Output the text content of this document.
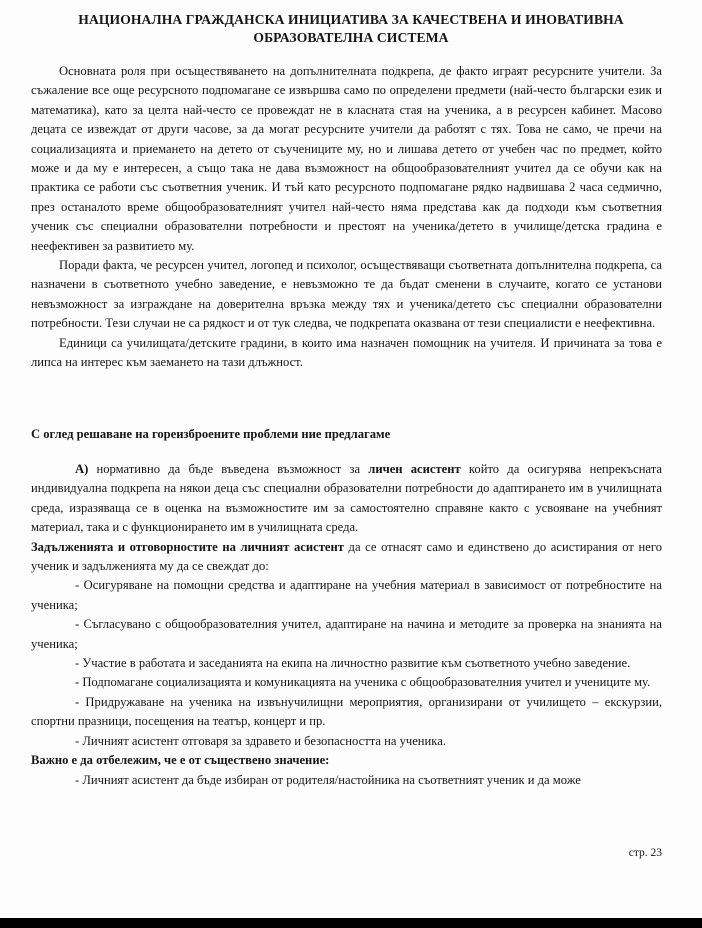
НАЦИОНАЛНА ГРАЖДАНСКА ИНИЦИАТИВА ЗА КАЧЕСТВЕНА И ИНОВАТИВНА
ОБРАЗОВАТЕЛНА СИСТЕМА

Основната роля при осъществяването на допълнителната подкрепа, де факто играят ресурсните учители. За съжаление все още ресурсното подпомагане се извършва само по определени предмети (най-често български език и математика), като за целта най-често се провеждат не в класната стая на ученика, а в ресурсен кабинет. Масово децата се извеждат от други часове, за да могат ресурсните учители да работят с тях. Това не само, че пречи на социализацията и приемането на детето от съучениците му, но и лишава детето от учебен час по предмет, който може и да му е интересен, а също така не дава възможност на общообразователният учител да се обучи как на практика се работи със съответния ученик. И тъй като ресурсното подпомагане рядко надвишава 2 часа седмично, през останалото време общообразователният учител най-често няма представа как да подходи към съответния ученик със специални образователни потребности и престоят на ученика/детето в училище/детска градина е неефективен за развитието му.

Поради факта, че ресурсен учител, логопед и психолог, осъществяващи съответната допълнителна подкрепа, са назначени в съответното учебно заведение, е невъзможно те да бъдат сменени в случаите, когато се установи невъзможност за изграждане на доверителна връзка между тях и ученика/детето със специални образователни потребности. Тези случаи не са рядкост и от тук следва, че подкрепата оказвана от тези специалисти е неефективна.

Единици са училищата/детските градини, в които има назначен помощник на учителя. И причината за това е липса на интерес към заемането на тази длъжност.

С оглед решаване на гореизброените проблеми ние предлагаме

А) нормативно да бъде въведена възможност за личен асистент който да осигурява непрекъсната индивидуална подкрепа на някои деца със специални образователни потребности до адаптирането им в училищната среда, изразяваща се в оценка на възможностите им за самостоятелно справяне както с усвояване на учебният материал, така и с функционирането им в училищната среда.

Задълженията и отговорностите на личният асистент да се отнасят само и единствено до асистирания от него ученик и задълженията му да се свеждат до:

- Осигуряване на помощни средства и адаптиране на учебния материал в зависимост от потребностите на ученика;

- Съгласувано с общообразователния учител, адаптиране на начина и методите за проверка на знанията на ученика;

- Участие в работата и заседанията на екипа на личностно развитие към съответното учебно заведение.

- Подпомагане социализацията и комуникацията на ученика с общообразователния учител и учениците му.

- Придружаване на ученика на извънучилищни мероприятия, организирани от училището – екскурзии, спортни празници, посещения на театър, концерт и пр.

- Личният асистент отговаря за здравето и безопасността на ученика.

Важно е да отбележим, че е от съществено значение:

- Личният асистент да бъде избиран от родителя/настойника на съответният ученик и да може

стр. 23
